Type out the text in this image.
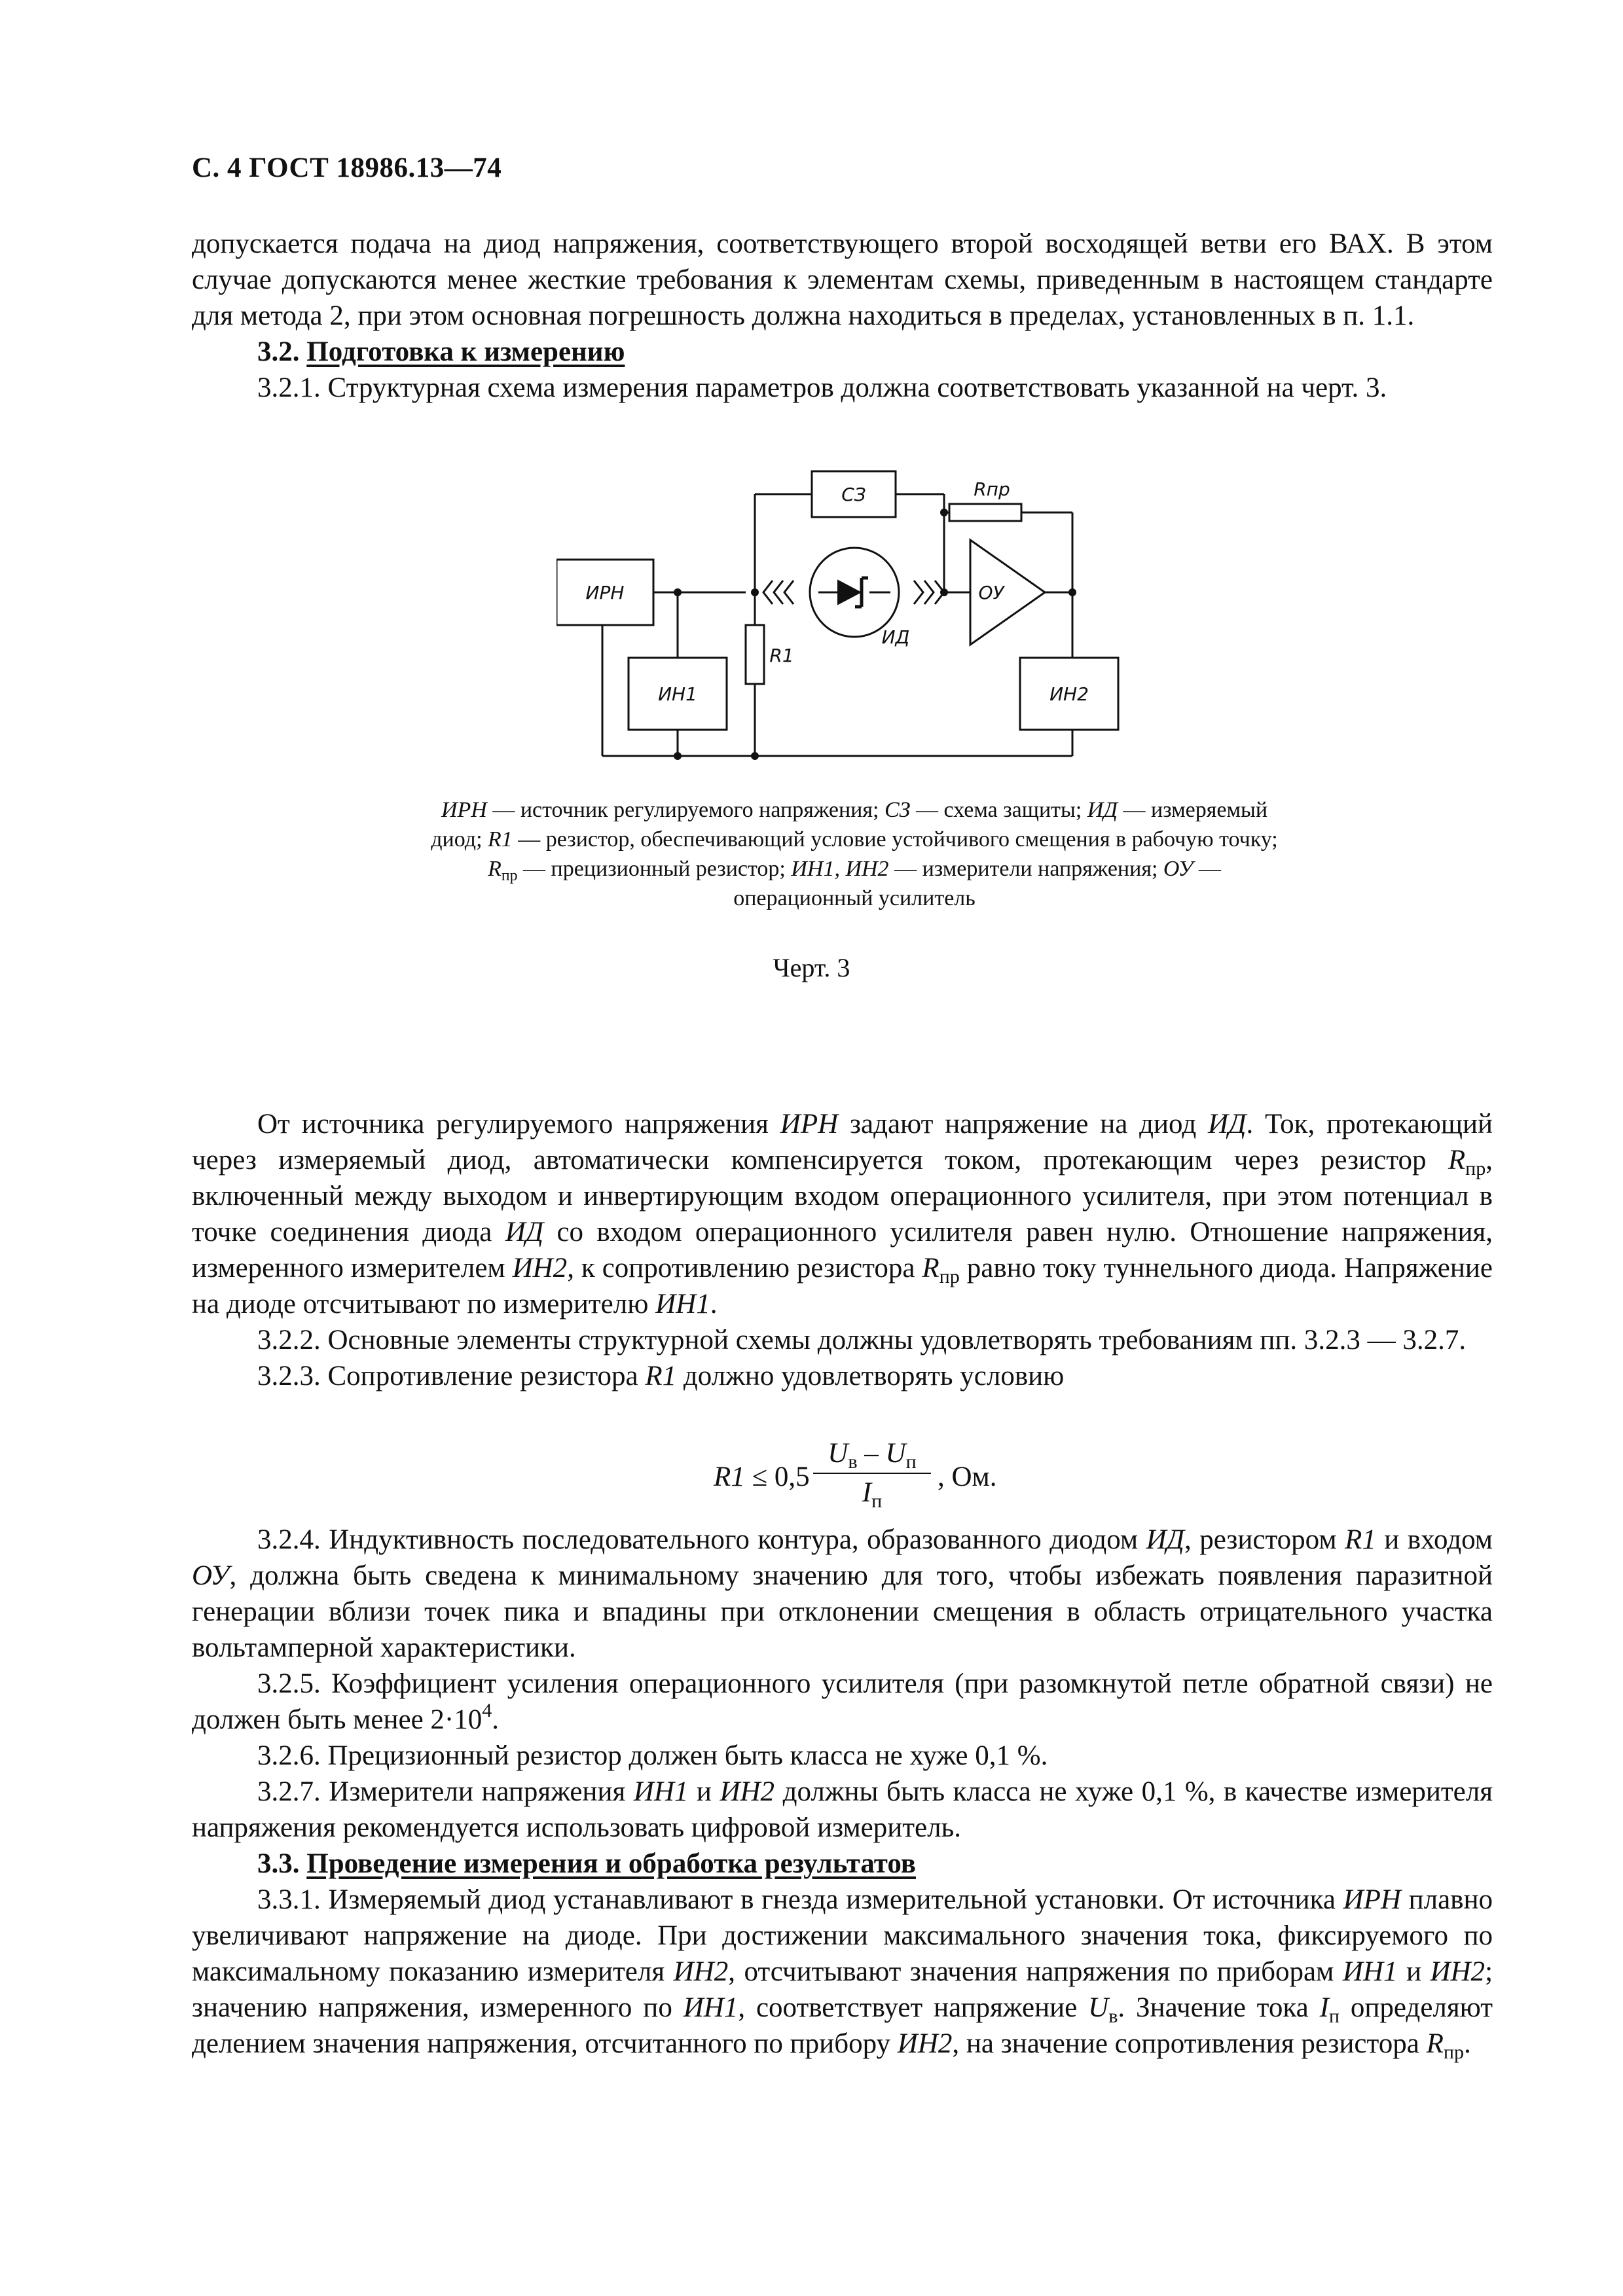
С. 4 ГОСТ 18986.13—74

допускается подача на диод напряжения, соответствующего второй восходящей ветви его ВАХ. В этом случае допускаются менее жесткие требования к элементам схемы, приведенным в настоящем стандарте для метода 2, при этом основная погрешность должна находиться в пределах, установленных в п. 1.1.

3.2. Подготовка к измерению

3.2.1. Структурная схема измерения параметров должна соответствовать указанной на черт. 3.

ИРН
СЗ
ИН1	ИН2
ОУ
ИД
R1
Rпр
ИРН — источник регулируемого напряжения; СЗ — схема защиты; ИД — измеряемый диод; R1 — резистор, обеспечивающий условие устойчивого смещения в рабочую точку; $R_{пр}$ — прецизионный резистор; ИН1, ИН2 — измерители напряжения; ОУ — операционный усилитель
Черт. 3

От источника регулируемого напряжения ИРН задают напряжение на диод ИД. Ток, протекающий через измеряемый диод, автоматически компенсируется током, протекающим через резистор $R_{пр}$, включенный между выходом и инвертирующим входом операционного усилителя, при этом потенциал в точке соединения диода ИД со входом операционного усилителя равен нулю. Отношение напряжения, измеренного измерителем ИН2, к сопротивлению резистора $R_{пр}$ равно току туннельного диода. Напряжение на диоде отсчитывают по измерителю ИН1.

3.2.2. Основные элементы структурной схемы должны удовлетворять требованиям пп. 3.2.3 — 3.2.7.

3.2.3. Сопротивление резистора R1 должно удовлетворять условию

R1 ≤ 0,5
$U_в - U_п$
$I_п$
, Ом.

3.2.4. Индуктивность последовательного контура, образованного диодом ИД, резистором R1 и входом ОУ, должна быть сведена к минимальному значению для того, чтобы избежать появления паразитной генерации вблизи точек пика и впадины при отклонении смещения в область отрицательного участка вольтамперной характеристики.

3.2.5. Коэффициент усиления операционного усилителя (при разомкнутой петле обратной связи) не должен быть менее $2\cdot 10^4$.

3.2.6. Прецизионный резистор должен быть класса не хуже 0,1 %.

3.2.7. Измерители напряжения ИН1 и ИН2 должны быть класса не хуже 0,1 %, в качестве измерителя напряжения рекомендуется использовать цифровой измеритель.

3.3. Проведение измерения и обработка результатов

3.3.1. Измеряемый диод устанавливают в гнезда измерительной установки. От источника ИРН плавно увеличивают напряжение на диоде. При достижении максимального значения тока, фиксируемого по максимальному показанию измерителя ИН2, отсчитывают значения напряжения по приборам ИН1 и ИН2; значению напряжения, измеренного по ИН1, соответствует напряжение $U_в$. Значение тока $I_п$ определяют делением значения напряжения, отсчитанного по прибору ИН2, на значение сопротивления резистора $R_{пр}$.
